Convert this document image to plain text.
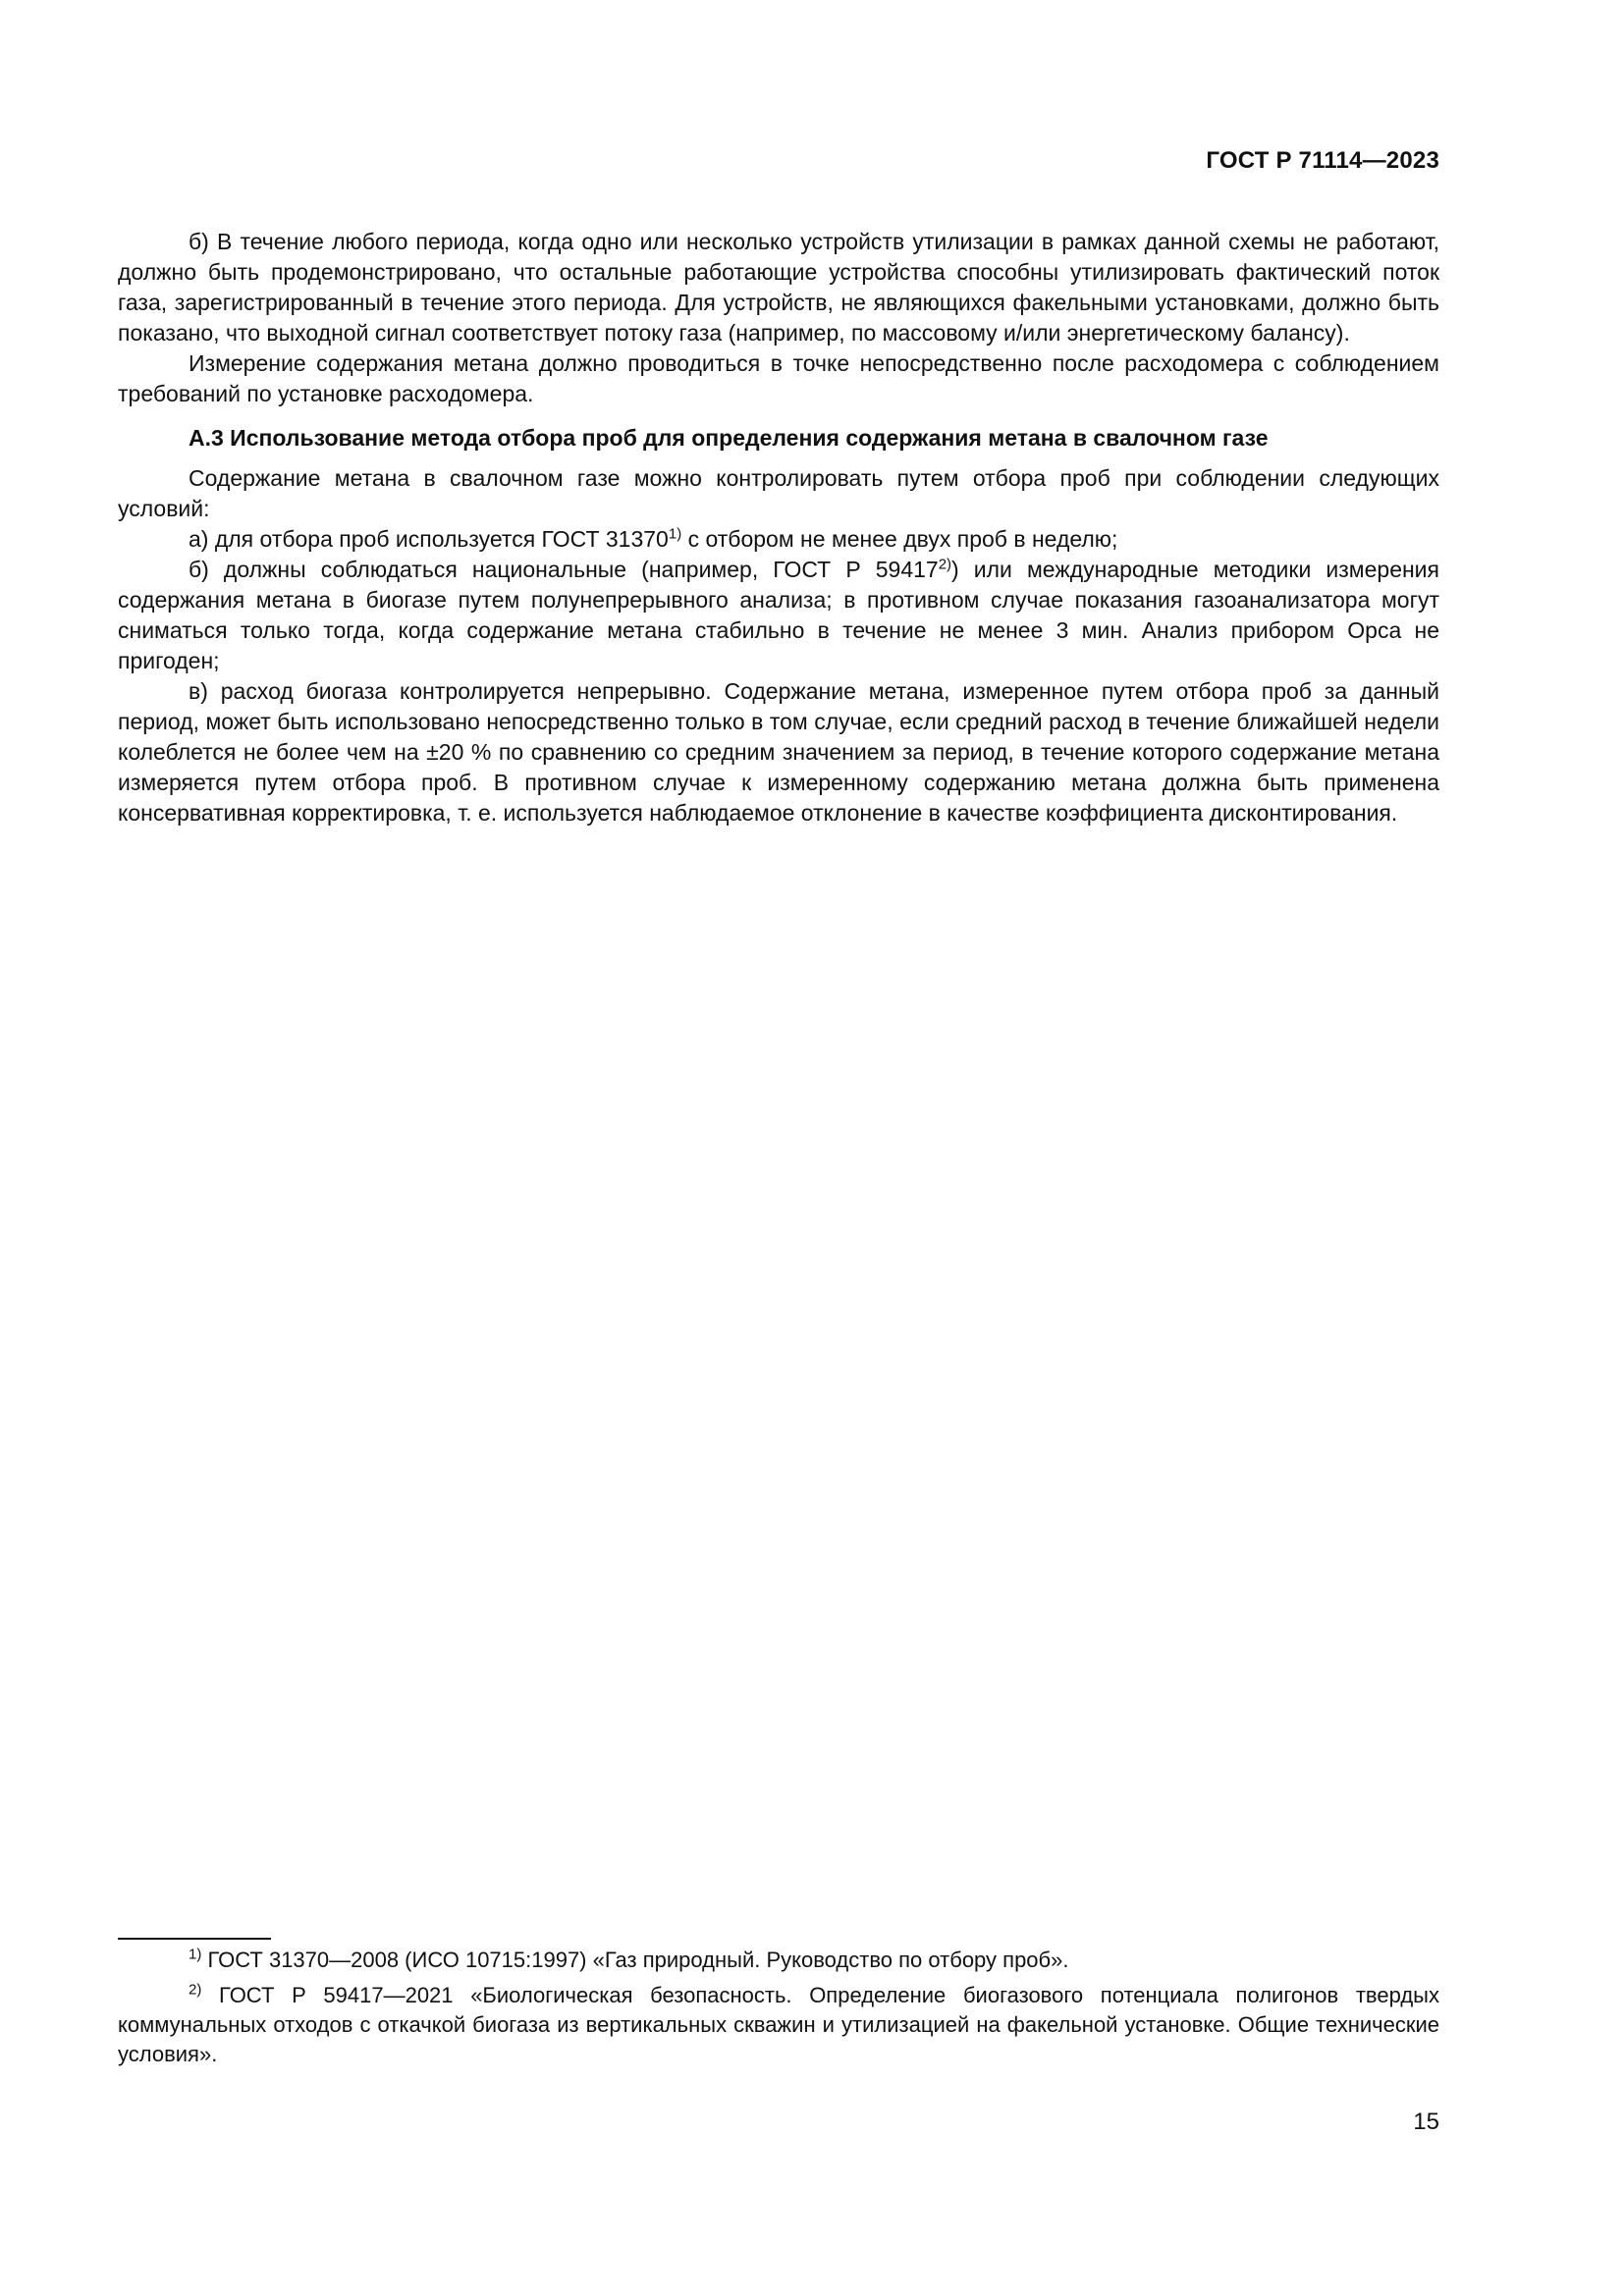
ГОСТ Р 71114—2023

б) В течение любого периода, когда одно или несколько устройств утилизации в рамках данной схемы не работают, должно быть продемонстрировано, что остальные работающие устройства способны утилизировать фактический поток газа, зарегистрированный в течение этого периода. Для устройств, не являющихся факельными установками, должно быть показано, что выходной сигнал соответствует потоку газа (например, по массовому и/или энергетическому балансу).

Измерение содержания метана должно проводиться в точке непосредственно после расходомера с соблюдением требований по установке расходомера.

А.3 Использование метода отбора проб для определения содержания метана в свалочном газе

Содержание метана в свалочном газе можно контролировать путем отбора проб при соблюдении следующих условий:

а) для отбора проб используется ГОСТ 31370$^{1)}$ с отбором не менее двух проб в неделю;

б) должны соблюдаться национальные (например, ГОСТ Р 59417$^{2)}$) или международные методики измерения содержания метана в биогазе путем полунепрерывного анализа; в противном случае показания газоанализатора могут сниматься только тогда, когда содержание метана стабильно в течение не менее 3 мин. Анализ прибором Орса не пригоден;

в) расход биогаза контролируется непрерывно. Содержание метана, измеренное путем отбора проб за данный период, может быть использовано непосредственно только в том случае, если средний расход в течение ближайшей недели колеблется не более чем на ±20 % по сравнению со средним значением за период, в течение которого содержание метана измеряется путем отбора проб. В противном случае к измеренному содержанию метана должна быть применена консервативная корректировка, т. е. используется наблюдаемое отклонение в качестве коэффициента дисконтирования.

$^{1)}$ ГОСТ 31370—2008 (ИСО 10715:1997) «Газ природный. Руководство по отбору проб».

$^{2)}$ ГОСТ Р 59417—2021 «Биологическая безопасность. Определение биогазового потенциала полигонов твердых коммунальных отходов с откачкой биогаза из вертикальных скважин и утилизацией на факельной установке. Общие технические условия».

15
